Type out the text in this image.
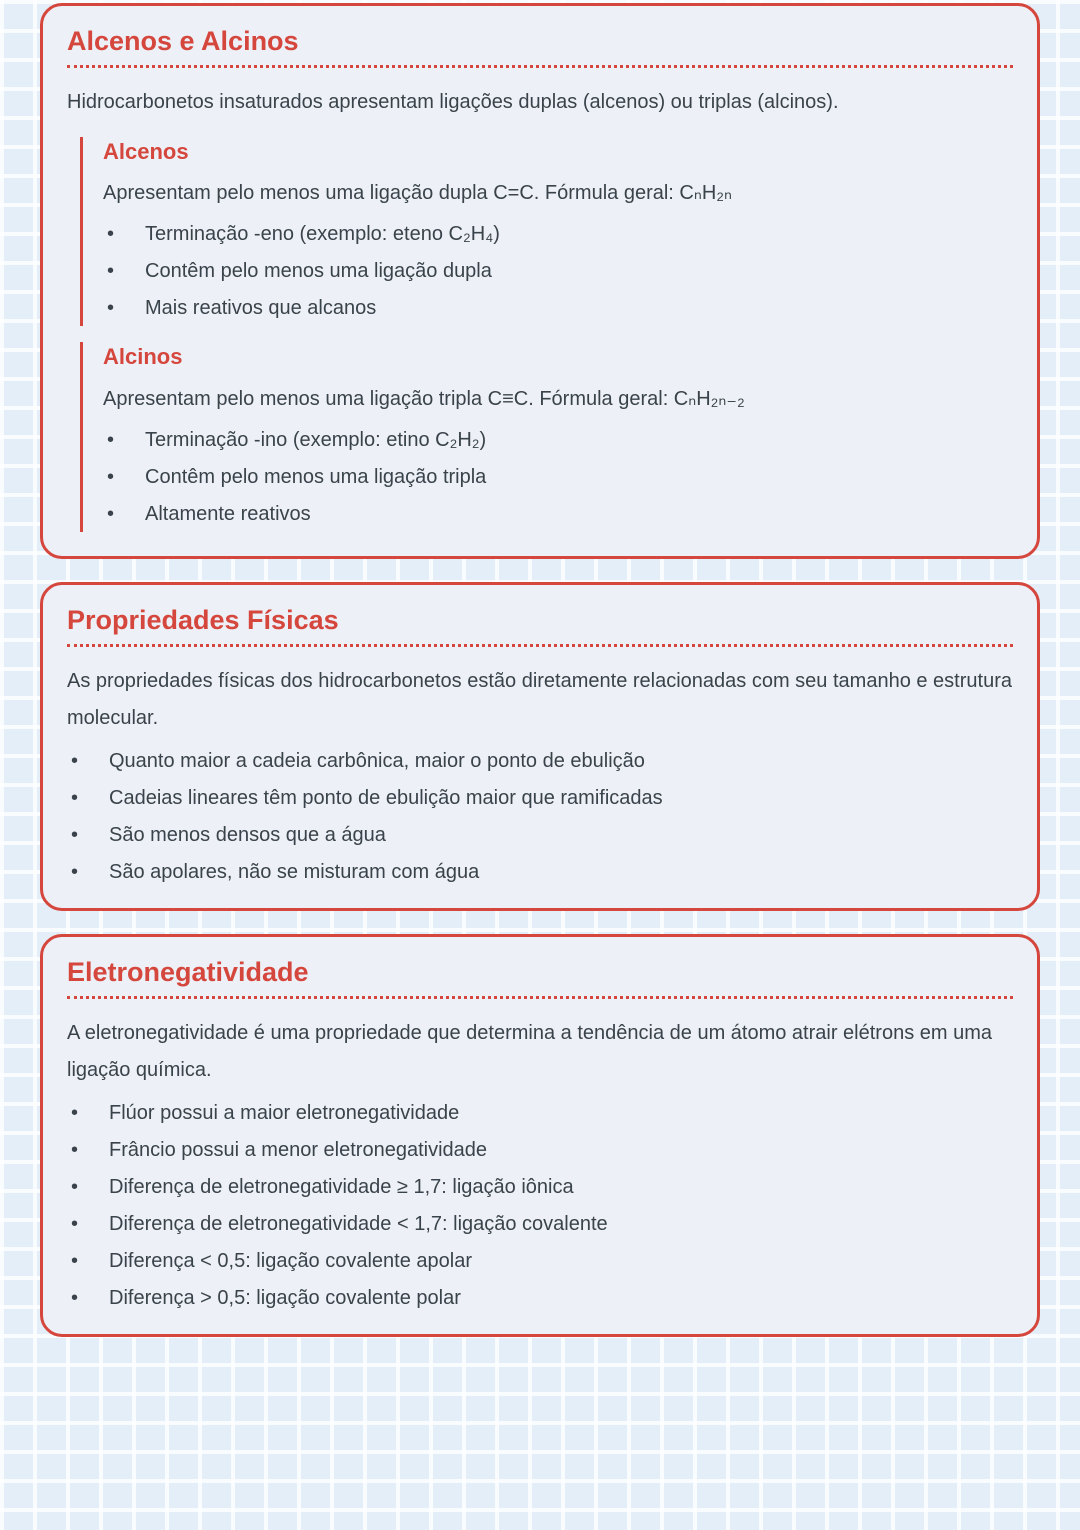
Alcenos e Alcinos

Hidrocarbonetos insaturados apresentam ligações duplas (alcenos) ou triplas (alcinos).

Alcenos

Apresentam pelo menos uma ligação dupla C=C. Fórmula geral: CₙH₂ₙ

• Terminação -eno (exemplo: eteno C₂H₄)
• Contêm pelo menos uma ligação dupla
• Mais reativos que alcanos
Alcinos

Apresentam pelo menos uma ligação tripla C≡C. Fórmula geral: CₙH₂ₙ₋₂

• Terminação -ino (exemplo: etino C₂H₂)
• Contêm pelo menos uma ligação tripla
• Altamente reativos
Propriedades Físicas

As propriedades físicas dos hidrocarbonetos estão diretamente relacionadas com seu tamanho e estrutura molecular.

• Quanto maior a cadeia carbônica, maior o ponto de ebulição
• Cadeias lineares têm ponto de ebulição maior que ramificadas
• São menos densos que a água
• São apolares, não se misturam com água
Eletronegatividade

A eletronegatividade é uma propriedade que determina a tendência de um átomo atrair elétrons em uma ligação química.

• Flúor possui a maior eletronegatividade
• Frâncio possui a menor eletronegatividade
• Diferença de eletronegatividade ≥ 1,7: ligação iônica
• Diferença de eletronegatividade < 1,7: ligação covalente
• Diferença < 0,5: ligação covalente apolar
• Diferença > 0,5: ligação covalente polar
